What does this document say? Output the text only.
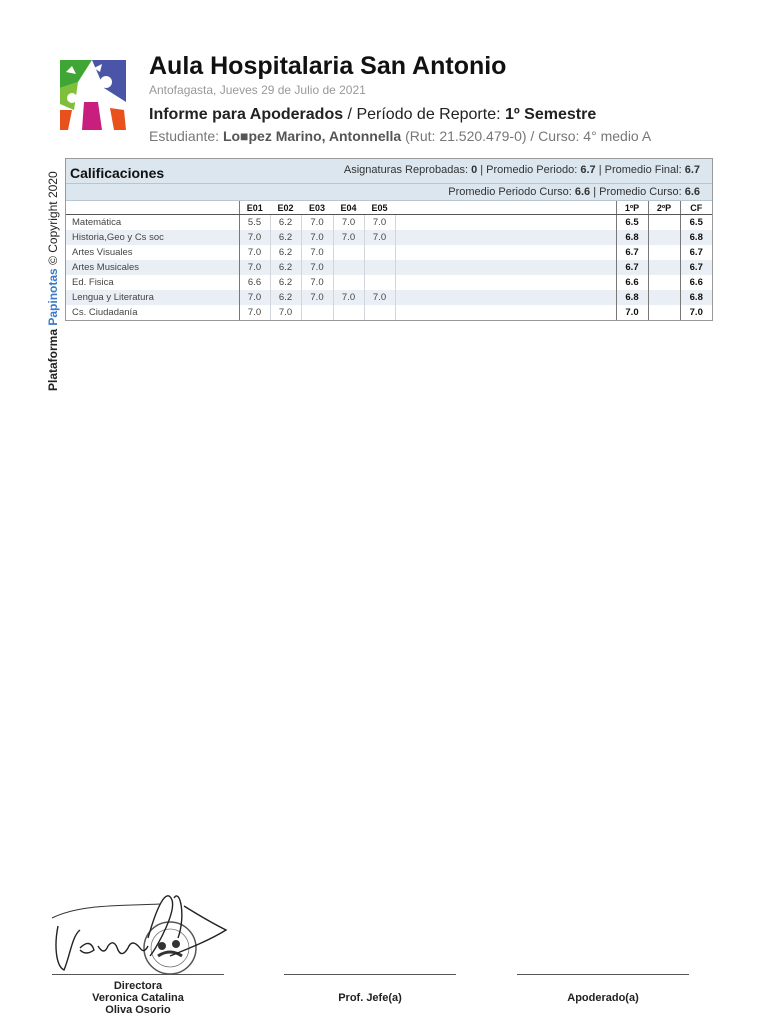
Aula Hospitalaria San Antonio
Antofagasta, Jueves 29 de Julio de 2021
Informe para Apoderados / Período de Reporte: 1º Semestre
Estudiante: Lo■pez Marino, Antonnella (Rut: 21.520.479-0) / Curso: 4° medio A
Plataforma Papinotas © Copyright 2020 Calificaciones	Asignaturas Reprobadas: 0 | Promedio Periodo: 6.7 | Promedio Final: 6.7
Promedio Periodo Curso: 6.6 | Promedio Curso: 6.6
	E01	E02	E03	E04	E05		1ºP	2ºP	CF
Matemática	5.5	6.2	7.0	7.0	7.0		6.5		6.5
Historia,Geo y Cs soc	7.0	6.2	7.0	7.0	7.0		6.8		6.8
Artes Visuales	7.0	6.2	7.0				6.7		6.7
Artes Musicales	7.0	6.2	7.0				6.7		6.7
Ed. Fisica	6.6	6.2	7.0				6.6		6.6
Lengua y Literatura	7.0	6.2	7.0	7.0	7.0		6.8		6.8
Cs. Ciudadanía	7.0	7.0					7.0		7.0
Directora
Veronica Catalina
Oliva Osorio
Prof. Jefe(a)	Apoderado(a)
